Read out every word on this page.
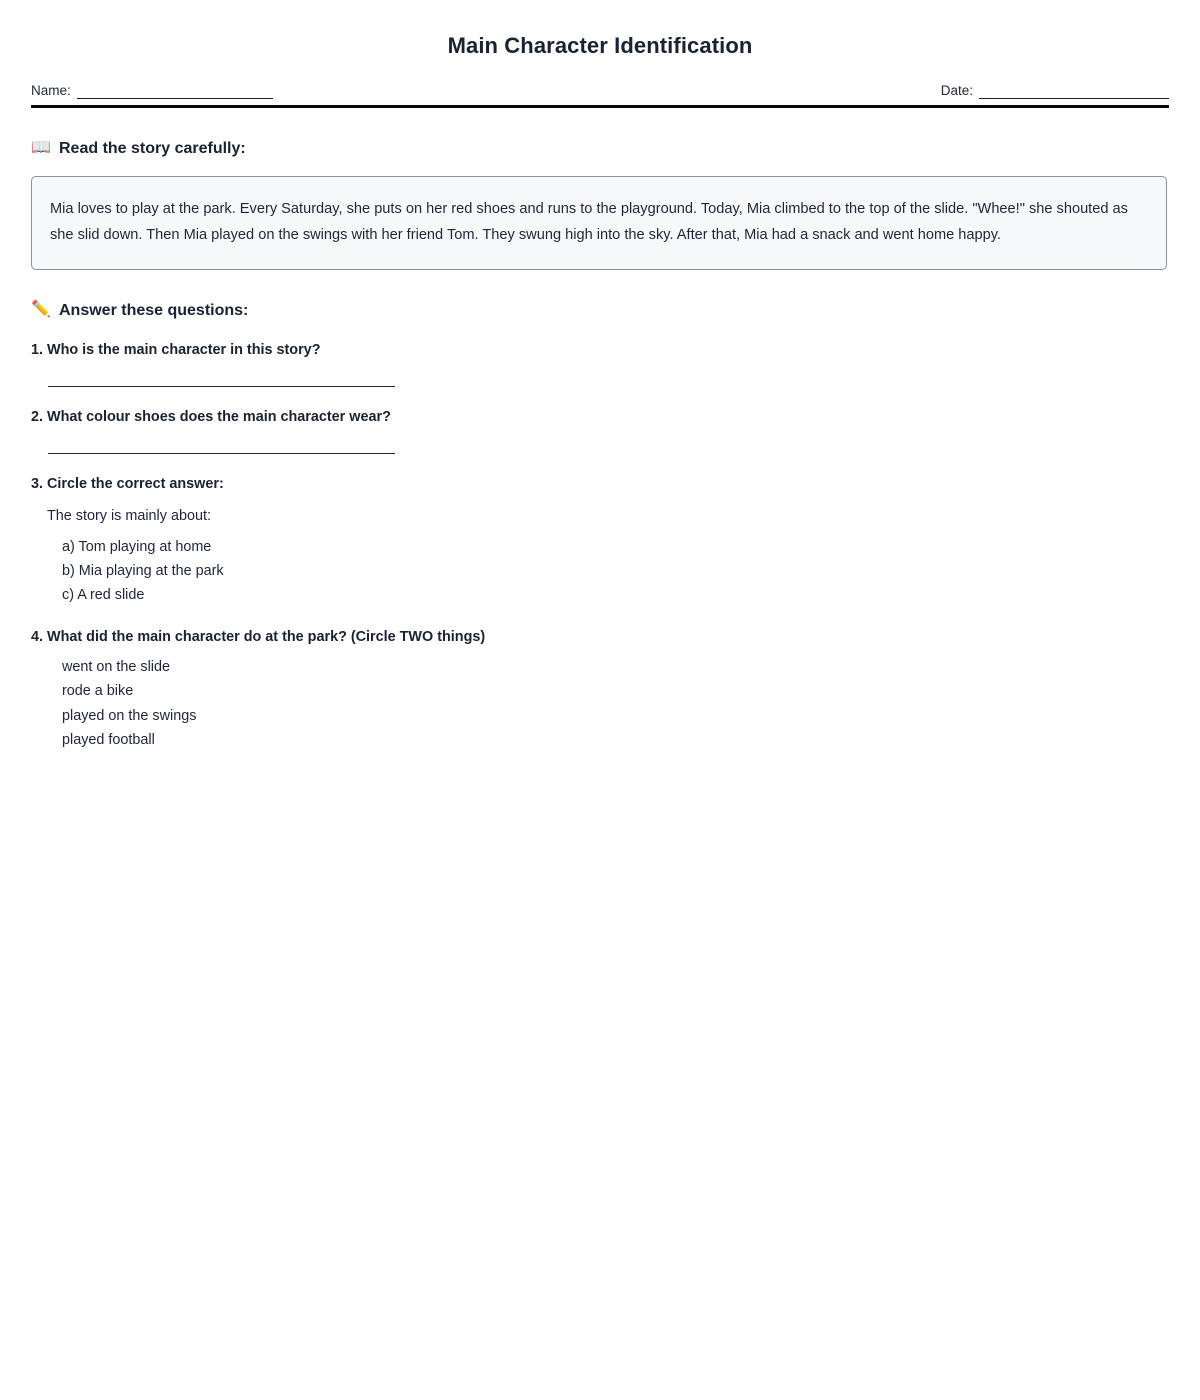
Main Character Identification
Name:	Date:
📖 Read the story carefully:

Mia loves to play at the park. Every Saturday, she puts on her red shoes and runs to the playground. Today, Mia climbed to the top of the slide. "Whee!" she shouted as she slid down. Then Mia played on the swings with her friend Tom. They swung high into the sky. After that, Mia had a snack and went home happy.

✏️ Answer these questions:

1. Who is the main character in this story?

2. What colour shoes does the main character wear?

3. Circle the correct answer:

The story is mainly about:

a) Tom playing at home
b) Mia playing at the park
c) A red slide

4. What did the main character do at the park? (Circle TWO things)

went on the slide
rode a bike
played on the swings
played football
